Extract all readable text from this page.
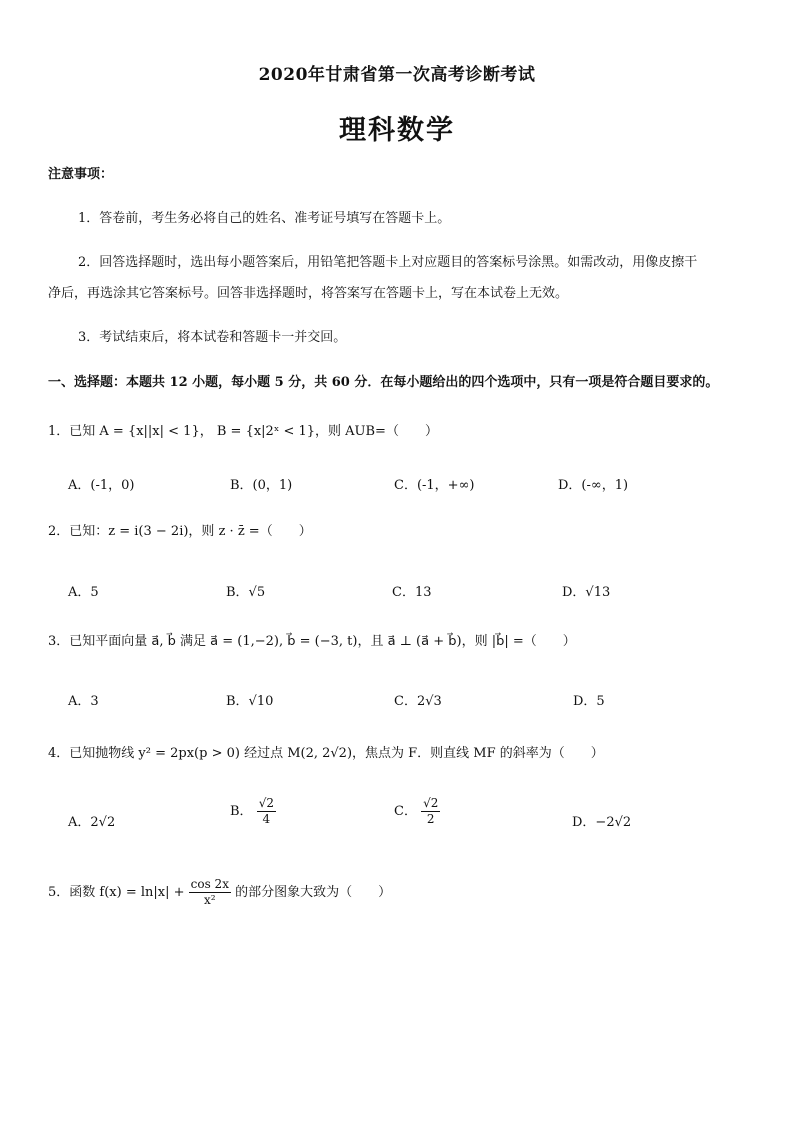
2020年甘肃省第一次高考诊断考试
理科数学
注意事项：
1．答卷前，考生务必将自己的姓名、准考证号填写在答题卡上。
2．回答选择题时，选出每小题答案后，用铅笔把答题卡上对应题目的答案标号涂黑。如需改动，用像皮擦干
净后，再选涂其它答案标号。回答非选择题时，将答案写在答题卡上，写在本试卷上无效。
3．考试结束后，将本试卷和答题卡一并交回。
一、选择题：本题共 12 小题，每小题 5 分，共 60 分．在每小题给出的四个选项中，只有一项是符合题目要求的。
1．已知 A = {x||x| < 1}， B = {x|2ˣ < 1}，则 AUB=（　　）
A．(-1，0)	B．(0，1)	C．(-1，+∞)	D．(-∞，1)
2．已知：z = i(3 − 2i)，则 z · z̄ =（　　）
A．5	B．√5	C．13	D．√13
3．已知平面向量 a⃗, b⃗ 满足 a⃗ = (1,−2), b⃗ = (−3, t)，且 a⃗ ⊥ (a⃗ + b⃗)，则 |b⃗| =（　　）
A．3	B．√10	C．2√3	D．5
4．已知抛物线 y² = 2px(p > 0) 经过点 M(2, 2√2)，焦点为 F．则直线 MF 的斜率为（　　）
A．2√2
B． $\frac{√2}{4}$	C． $\frac{√2}{2}$	D．−2√2
5．函数 $f(x) = \ln|x| + \frac{\cos 2x}{\text{x²}}$ 的部分图象大致为（　　）
